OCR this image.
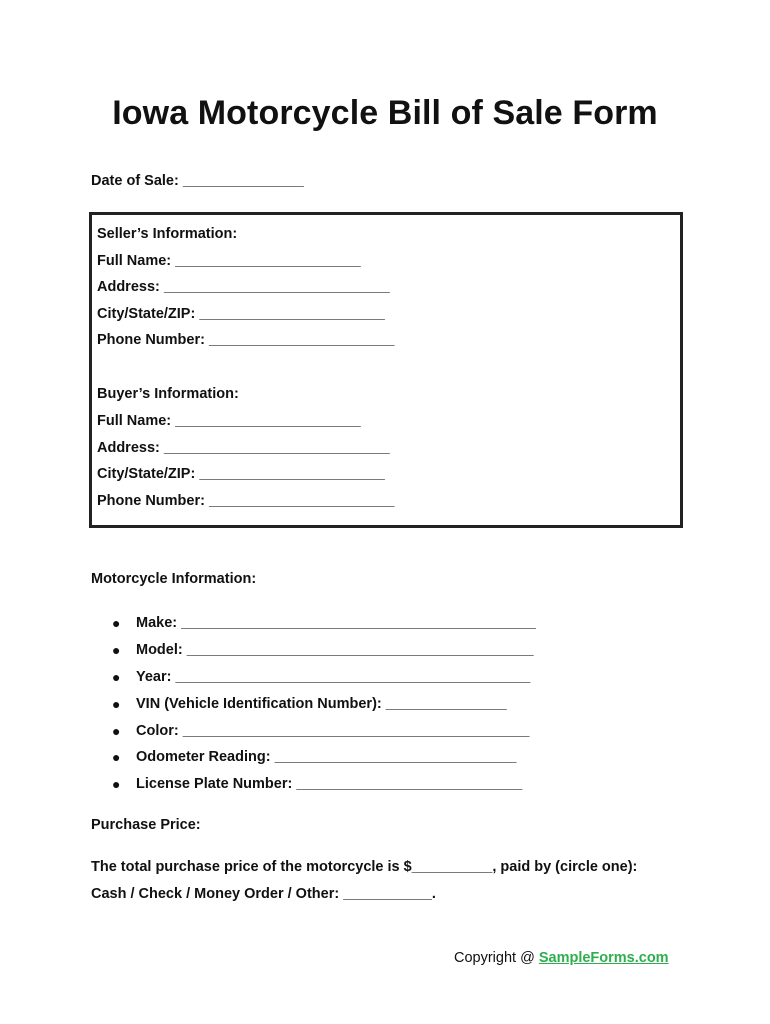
Iowa Motorcycle Bill of Sale Form
Date of Sale: _______________
Seller’s Information:
Full Name: _______________________
Address: ____________________________
City/State/ZIP: _______________________
Phone Number: _______________________
Buyer’s Information:
Full Name: _______________________
Address: ____________________________
City/State/ZIP: _______________________
Phone Number: _______________________
Motorcycle Information:
●	Make: ____________________________________________
●	Model: ___________________________________________
●	Year: ____________________________________________
●	VIN (Vehicle Identification Number): _______________
●	Color: ___________________________________________
●	Odometer Reading: ______________________________
●	License Plate Number: ____________________________
Purchase Price:
The total purchase price of the motorcycle is $__________, paid by (circle one):
Cash / Check / Money Order / Other: ___________.
Copyright @ SampleForms.com
